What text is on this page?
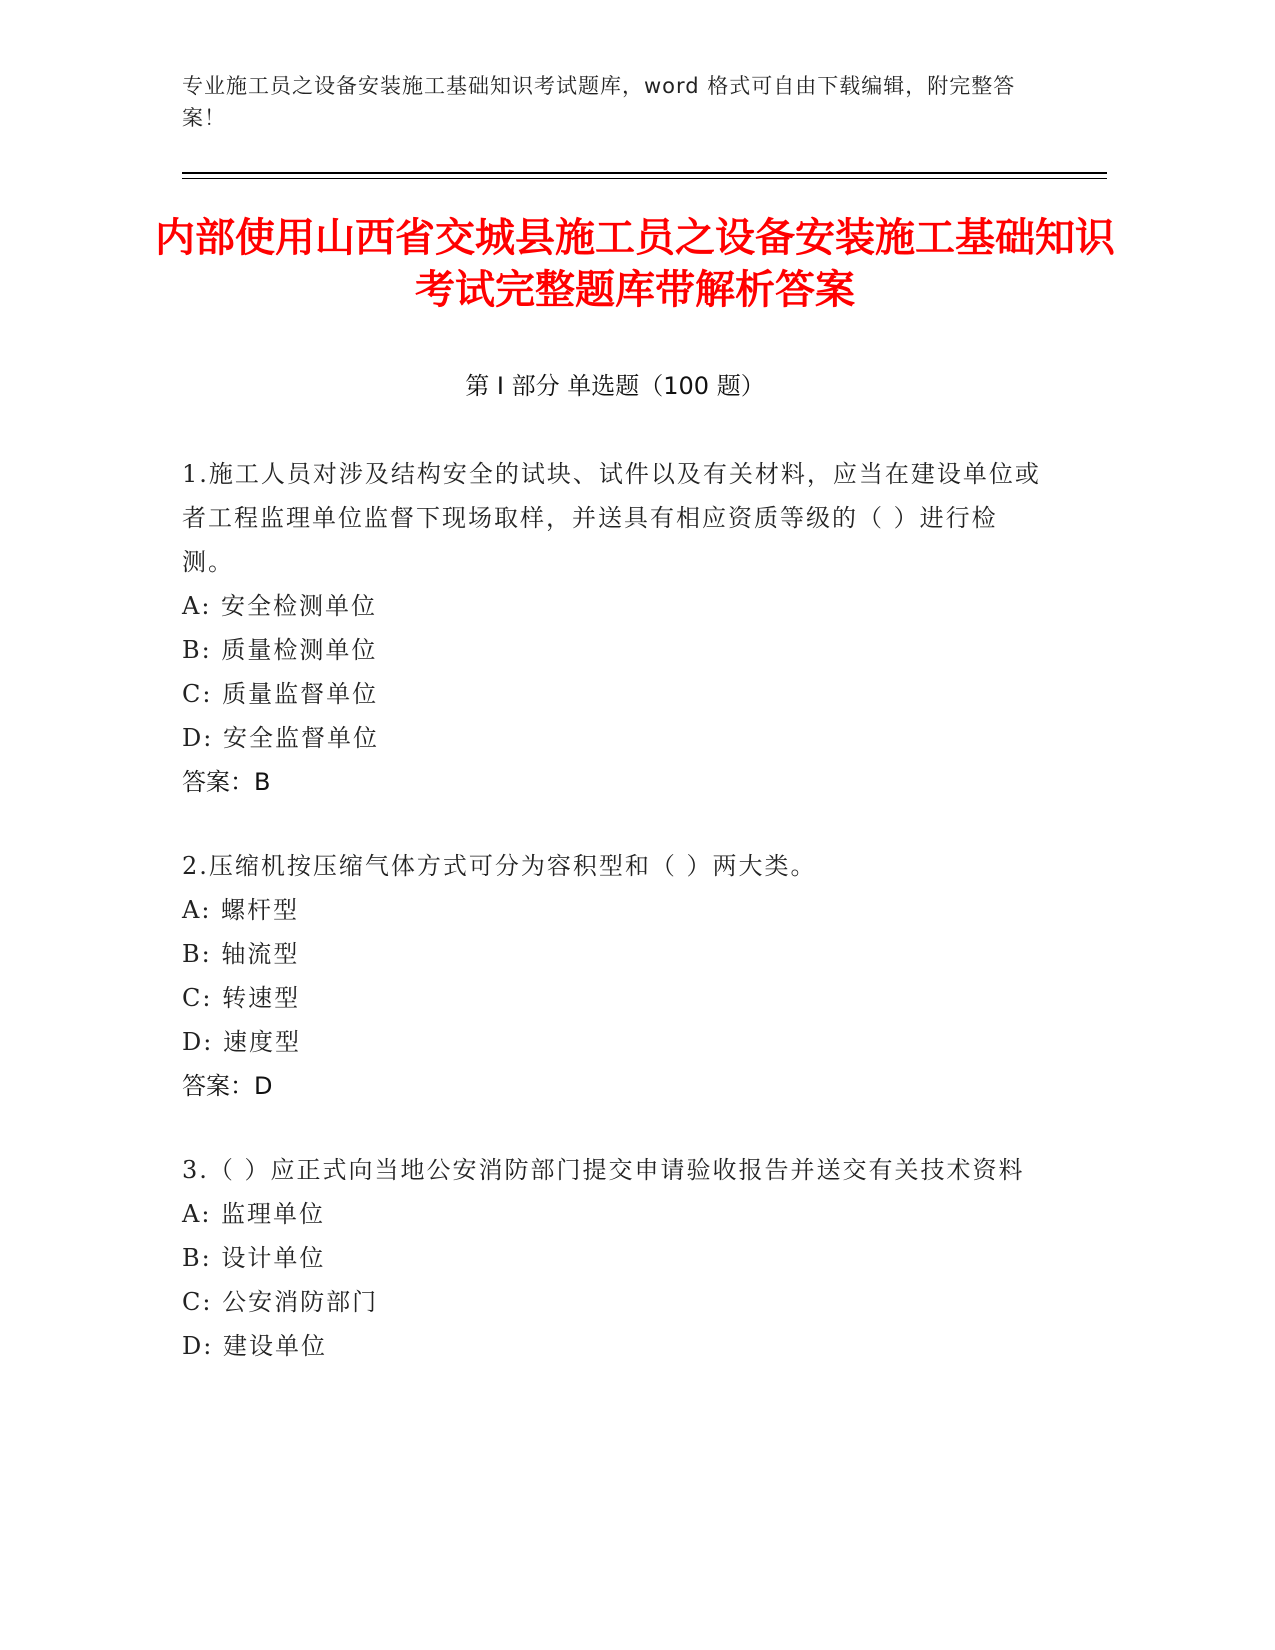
专业施工员之设备安装施工基础知识考试题库，word 格式可自由下载编辑，附完整答案！
内部使用山西省交城县施工员之设备安装施工基础知识考试完整题库带解析答案
第 I 部分 单选题（100 题）
1.施工人员对涉及结构安全的试块、试件以及有关材料，应当在建设单位或者工程监理单位监督下现场取样，并送具有相应资质等级的（ ）进行检测。
A: 安全检测单位
B: 质量检测单位
C: 质量监督单位
D: 安全监督单位
答案：B
2.压缩机按压缩气体方式可分为容积型和（ ）两大类。
A: 螺杆型
B: 轴流型
C: 转速型
D: 速度型
答案：D
3.（ ）应正式向当地公安消防部门提交申请验收报告并送交有关技术资料
A: 监理单位
B: 设计单位
C: 公安消防部门
D: 建设单位
